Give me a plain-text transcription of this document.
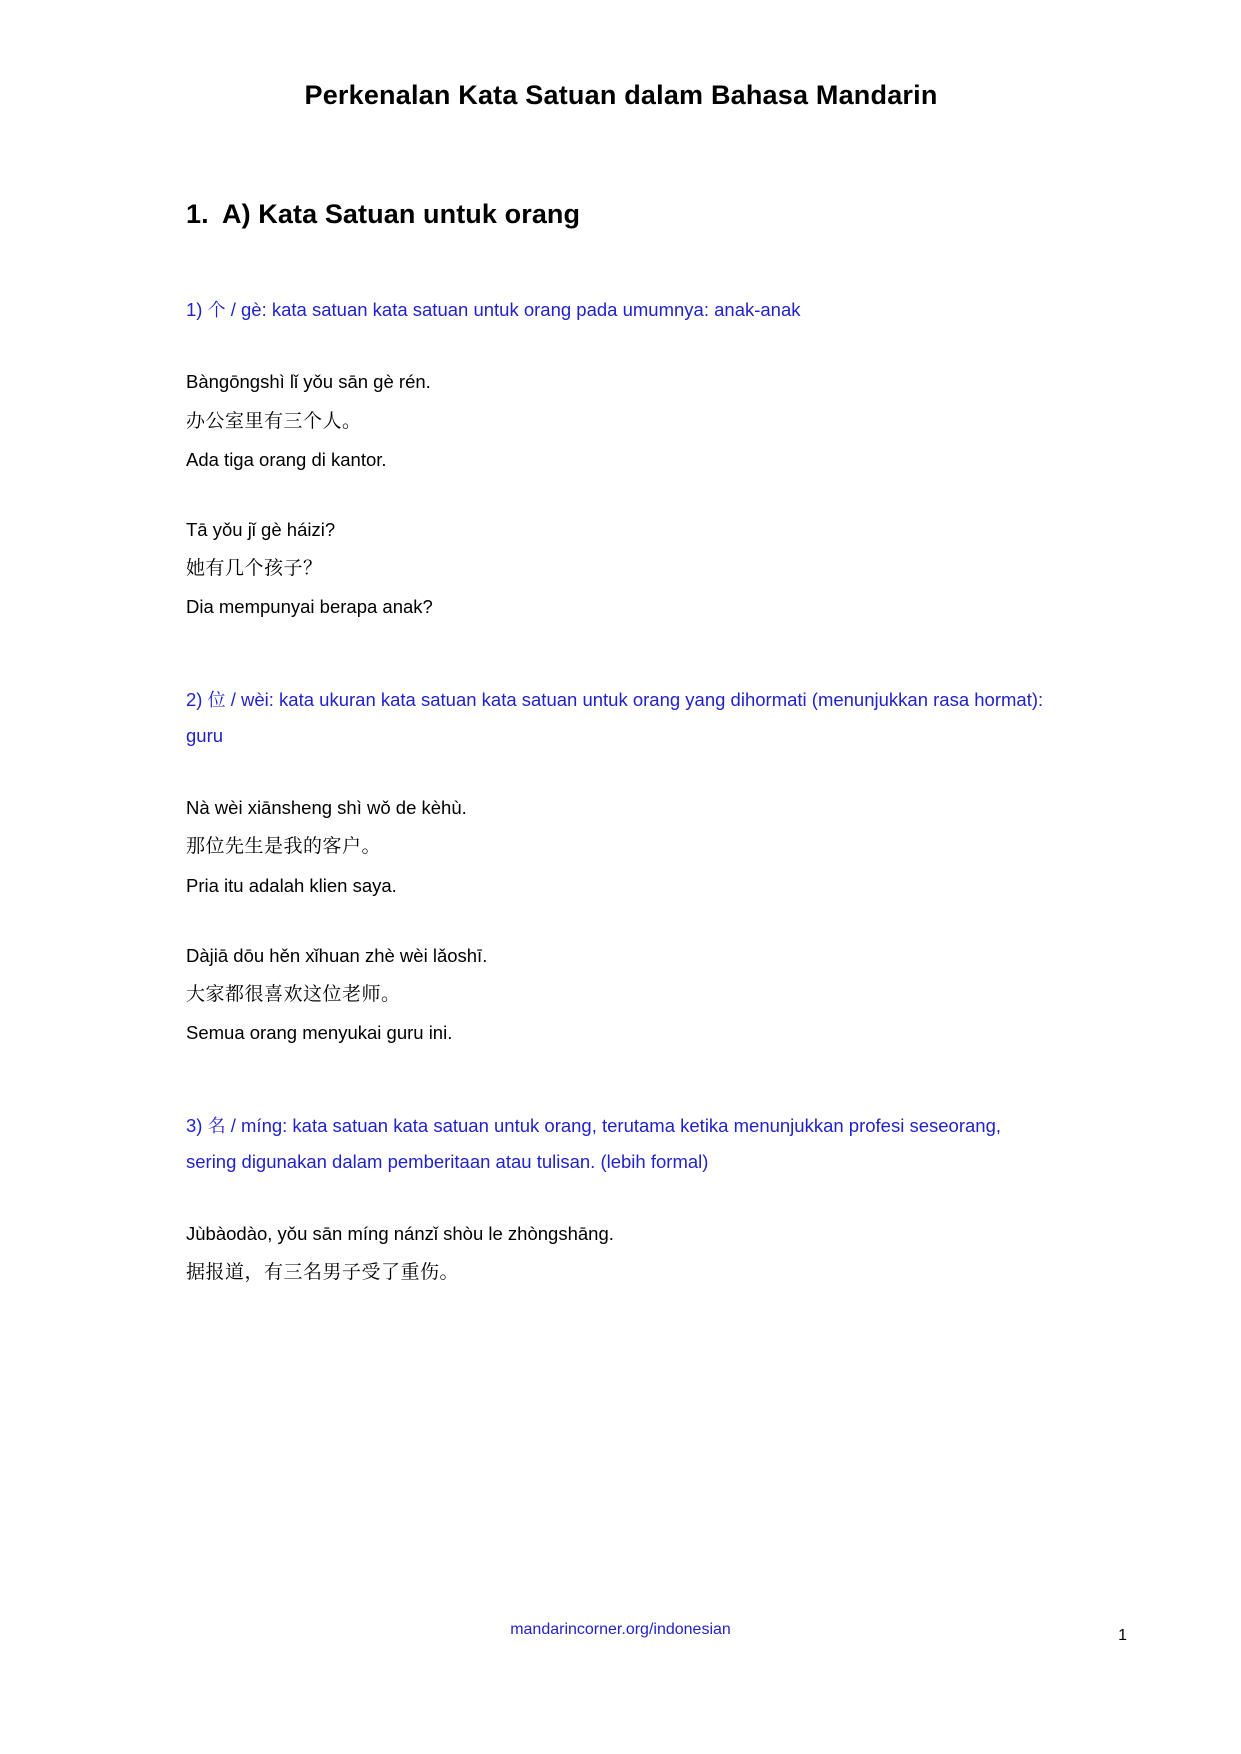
Perkenalan Kata Satuan dalam Bahasa Mandarin
1. A) Kata Satuan untuk orang

1) 个 / gè: kata satuan kata satuan untuk orang pada umumnya: anak-anak

Bàngōngshì lǐ yǒu sān gè rén.

办公室里有三个人。

Ada tiga orang di kantor.

Tā yǒu jǐ gè háizi?

她有几个孩子？

Dia mempunyai berapa anak?

2) 位 / wèi: kata ukuran kata satuan kata satuan untuk orang yang dihormati (menunjukkan rasa hormat): guru

Nà wèi xiānsheng shì wǒ de kèhù.

那位先生是我的客户。

Pria itu adalah klien saya.

Dàjiā dōu hěn xǐhuan zhè wèi lǎoshī.

大家都很喜欢这位老师。

Semua orang menyukai guru ini.

3) 名 / míng: kata satuan kata satuan untuk orang, terutama ketika menunjukkan profesi seseorang, sering digunakan dalam pemberitaan atau tulisan. (lebih formal)

Jùbàodào, yǒu sān míng nánzǐ shòu le zhòngshāng.

据报道，有三名男子受了重伤。

mandarincorner.org/indonesian	1
